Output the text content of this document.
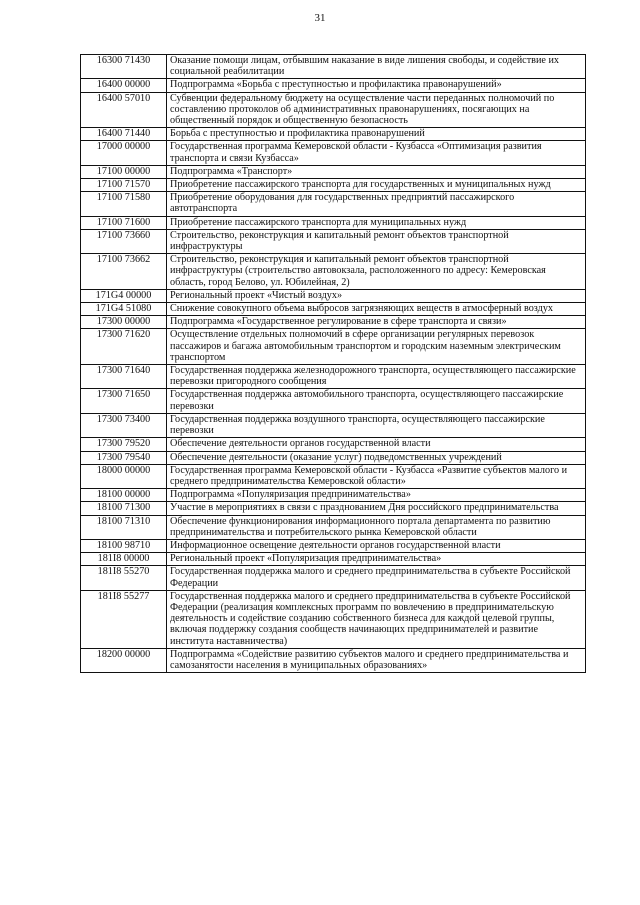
31
16300 71430	Оказание помощи лицам, отбывшим наказание в виде лишения свободы, и содействие их социальной реабилитации
16400 00000	Подпрограмма «Борьба с преступностью и профилактика правонарушений»
16400 57010	Субвенции федеральному бюджету на осуществление части переданных полномочий по составлению протоколов об административных правонарушениях, посягающих на общественный порядок и общественную безопасность
16400 71440	Борьба с преступностью и профилактика правонарушений
17000 00000	Государственная программа Кемеровской области - Кузбасса «Оптимизация развития транспорта и связи Кузбасса»
17100 00000	Подпрограмма «Транспорт»
17100 71570	Приобретение пассажирского транспорта для государственных и муниципальных нужд
17100 71580	Приобретение оборудования для государственных предприятий пассажирского автотранспорта
17100 71600	Приобретение пассажирского транспорта для муниципальных нужд
17100 73660	Строительство, реконструкция и капитальный ремонт объектов транспортной инфраструктуры
17100 73662	Строительство, реконструкция и капитальный ремонт объектов транспортной инфраструктуры (строительство автовокзала, расположенного по адресу: Кемеровская область, город Белово, ул. Юбилейная, 2)
171G4 00000	Региональный проект «Чистый воздух»
171G4 51080	Снижение совокупного объема выбросов загрязняющих веществ в атмосферный воздух
17300 00000	Подпрограмма «Государственное регулирование в сфере транспорта и связи»
17300 71620	Осуществление отдельных полномочий в сфере организации регулярных перевозок пассажиров и багажа автомобильным транспортом и городским наземным электрическим транспортом
17300 71640	Государственная поддержка железнодорожного транспорта, осуществляющего пассажирские перевозки пригородного сообщения
17300 71650	Государственная поддержка автомобильного транспорта, осуществляющего пассажирские перевозки
17300 73400	Государственная поддержка воздушного транспорта, осуществляющего пассажирские перевозки
17300 79520	Обеспечение деятельности органов государственной власти
17300 79540	Обеспечение деятельности (оказание услуг) подведомственных учреждений
18000 00000	Государственная программа Кемеровской области - Кузбасса «Развитие субъектов малого и среднего предпринимательства Кемеровской области»
18100 00000	Подпрограмма «Популяризация предпринимательства»
18100 71300	Участие в мероприятиях в связи с празднованием Дня российского предпринимательства
18100 71310	Обеспечение функционирования информационного портала департамента по развитию предпринимательства и потребительского рынка Кемеровской области
18100 98710	Информационное освещение деятельности органов государственной власти
181I8 00000	Региональный проект «Популяризация предпринимательства»
181I8 55270	Государственная поддержка малого и среднего предпринимательства в субъекте Российской Федерации
181I8 55277	Государственная поддержка малого и среднего предпринимательства в субъекте Российской Федерации (реализация комплексных программ по вовлечению в предпринимательскую деятельность и содействие созданию собственного бизнеса для каждой целевой группы, включая поддержку создания сообществ начинающих предпринимателей и развитие института наставничества)
18200 00000	Подпрограмма «Содействие развитию субъектов малого и среднего предпринимательства и самозанятости населения в муниципальных образованиях»
